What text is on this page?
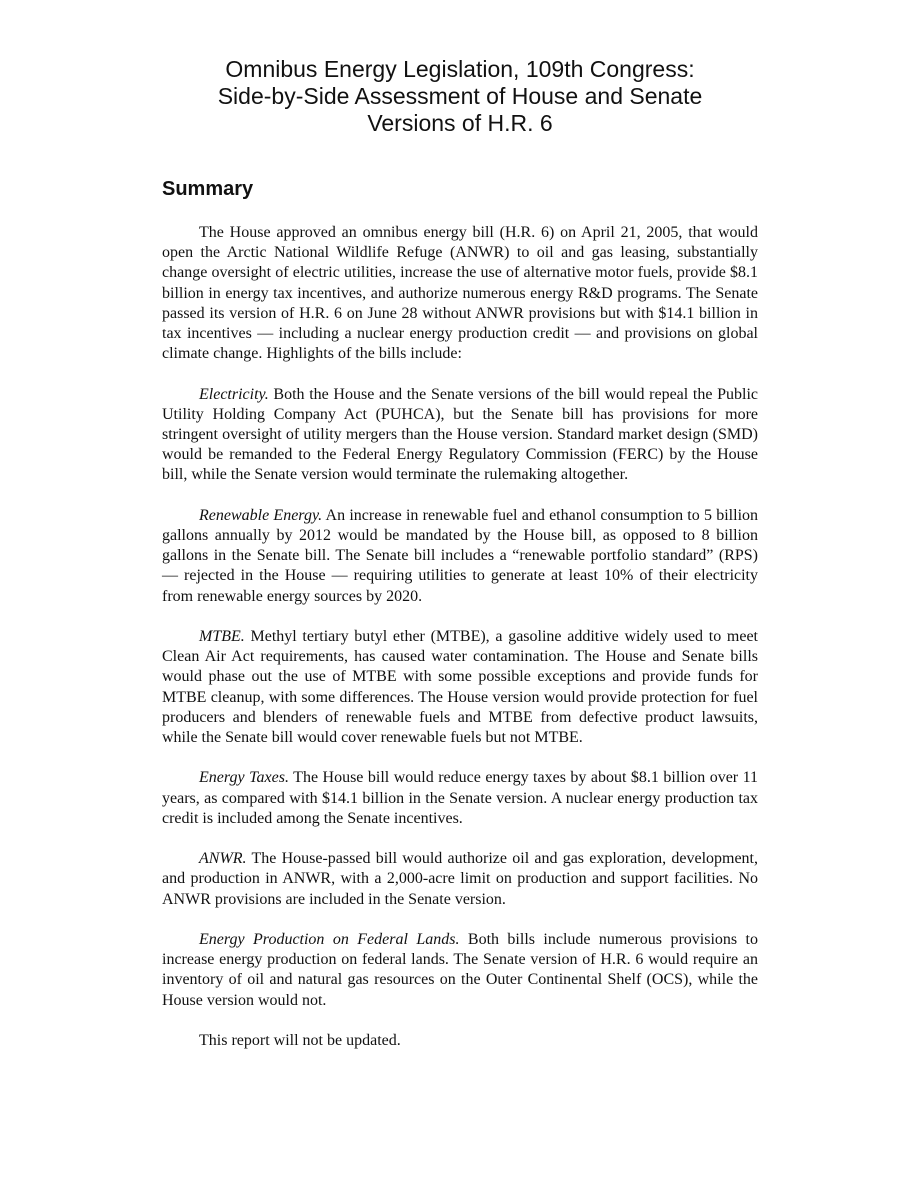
Omnibus Energy Legislation, 109th Congress:
Side-by-Side Assessment of House and Senate
Versions of H.R. 6
Summary

The House approved an omnibus energy bill (H.R. 6) on April 21, 2005, that would open the Arctic National Wildlife Refuge (ANWR) to oil and gas leasing, substantially change oversight of electric utilities, increase the use of alternative motor fuels, provide $8.1 billion in energy tax incentives, and authorize numerous energy R&D programs. The Senate passed its version of H.R. 6 on June 28 without ANWR provisions but with $14.1 billion in tax incentives — including a nuclear energy production credit — and provisions on global climate change. Highlights of the bills include:

Electricity. Both the House and the Senate versions of the bill would repeal the Public Utility Holding Company Act (PUHCA), but the Senate bill has provisions for more stringent oversight of utility mergers than the House version. Standard market design (SMD) would be remanded to the Federal Energy Regulatory Commission (FERC) by the House bill, while the Senate version would terminate the rulemaking altogether.

Renewable Energy. An increase in renewable fuel and ethanol consumption to 5 billion gallons annually by 2012 would be mandated by the House bill, as opposed to 8 billion gallons in the Senate bill. The Senate bill includes a “renewable portfolio standard” (RPS) — rejected in the House — requiring utilities to generate at least 10% of their electricity from renewable energy sources by 2020.

MTBE. Methyl tertiary butyl ether (MTBE), a gasoline additive widely used to meet Clean Air Act requirements, has caused water contamination. The House and Senate bills would phase out the use of MTBE with some possible exceptions and provide funds for MTBE cleanup, with some differences. The House version would provide protection for fuel producers and blenders of renewable fuels and MTBE from defective product lawsuits, while the Senate bill would cover renewable fuels but not MTBE.

Energy Taxes. The House bill would reduce energy taxes by about $8.1 billion over 11 years, as compared with $14.1 billion in the Senate version. A nuclear energy production tax credit is included among the Senate incentives.

ANWR. The House-passed bill would authorize oil and gas exploration, development, and production in ANWR, with a 2,000-acre limit on production and support facilities. No ANWR provisions are included in the Senate version.

Energy Production on Federal Lands. Both bills include numerous provisions to increase energy production on federal lands. The Senate version of H.R. 6 would require an inventory of oil and natural gas resources on the Outer Continental Shelf (OCS), while the House version would not.

This report will not be updated.
